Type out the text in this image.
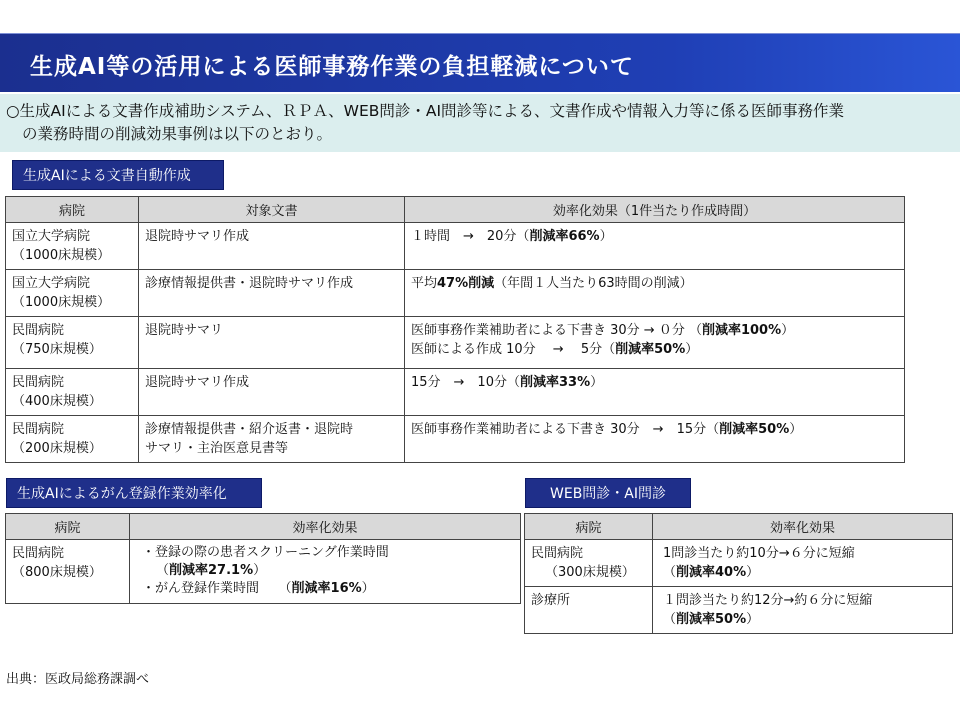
生成AI等の活用による医師事務作業の負担軽減について
○生成AIによる文書作成補助システム、ＲＰＡ、WEB問診・AI問診等による、文書作成や情報入力等に係る医師事務作業
の業務時間の削減効果事例は以下のとおり。
生成AIによる文書自動作成
病院	対象文書	効率化効果（1件当たり作成時間）

国立大学病院
（1000床規模）	退院時サマリ作成	１時間　→　20分（削減率66%）

国立大学病院
（1000床規模）	診療情報提供書・退院時サマリ作成	平均47%削減（年間１人当たり63時間の削減）

民間病院
（750床規模）	退院時サマリ	医師事務作業補助者による下書き 30分 → ０分 （削減率100%）
医師による作成 10分　 →　 5分（削減率50%）

民間病院
（400床規模）	退院時サマリ作成	15分　→　10分（削減率33%）

民間病院
（200床規模）	診療情報提供書・紹介返書・退院時
サマリ・主治医意見書等	医師事務作業補助者による下書き 30分　→　15分（削減率50%）
生成AIによるがん登録作業効率化
病院	効率化効果

民間病院
（800床規模）	・登録の際の患者スクリーニング作業時間
（削減率27.1%）
・がん登録作業時間　　（削減率16%）
WEB問診・AI問診
病院	効率化効果

民間病院
（300床規模）	1問診当たり約10分→６分に短縮
（削減率40%）

診療所	１問診当たり約12分→約６分に短縮
（削減率50%）
出典：医政局総務課調べ
